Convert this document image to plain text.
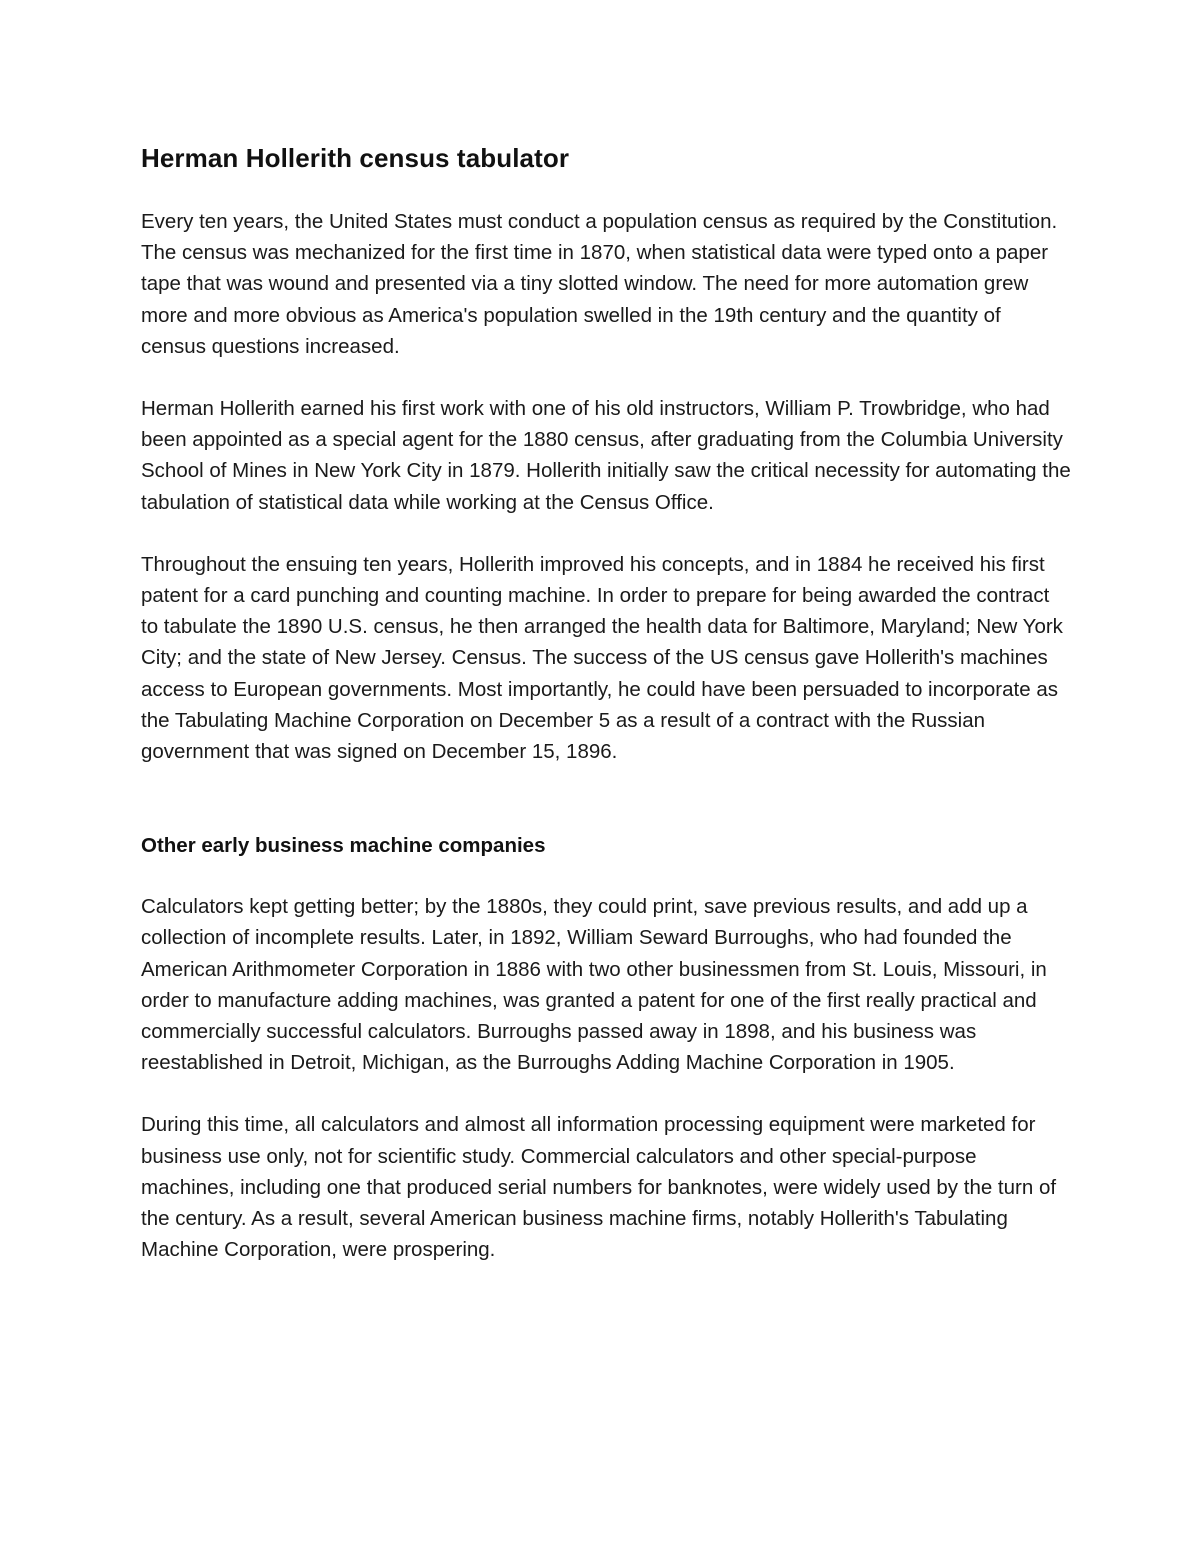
Herman Hollerith census tabulator

Every ten years, the United States must conduct a population census as required by the Constitution. The census was mechanized for the first time in 1870, when statistical data were typed onto a paper tape that was wound and presented via a tiny slotted window. The need for more automation grew more and more obvious as America's population swelled in the 19th century and the quantity of census questions increased.

Herman Hollerith earned his first work with one of his old instructors, William P. Trowbridge, who had been appointed as a special agent for the 1880 census, after graduating from the Columbia University School of Mines in New York City in 1879. Hollerith initially saw the critical necessity for automating the tabulation of statistical data while working at the Census Office.

Throughout the ensuing ten years, Hollerith improved his concepts, and in 1884 he received his first patent for a card punching and counting machine. In order to prepare for being awarded the contract to tabulate the 1890 U.S. census, he then arranged the health data for Baltimore, Maryland; New York City; and the state of New Jersey. Census. The success of the US census gave Hollerith's machines access to European governments. Most importantly, he could have been persuaded to incorporate as the Tabulating Machine Corporation on December 5 as a result of a contract with the Russian government that was signed on December 15, 1896.

Other early business machine companies

Calculators kept getting better; by the 1880s, they could print, save previous results, and add up a collection of incomplete results. Later, in 1892, William Seward Burroughs, who had founded the American Arithmometer Corporation in 1886 with two other businessmen from St. Louis, Missouri, in order to manufacture adding machines, was granted a patent for one of the first really practical and commercially successful calculators. Burroughs passed away in 1898, and his business was reestablished in Detroit, Michigan, as the Burroughs Adding Machine Corporation in 1905.

During this time, all calculators and almost all information processing equipment were marketed for business use only, not for scientific study. Commercial calculators and other special-purpose machines, including one that produced serial numbers for banknotes, were widely used by the turn of the century. As a result, several American business machine firms, notably Hollerith's Tabulating Machine Corporation, were prospering.
